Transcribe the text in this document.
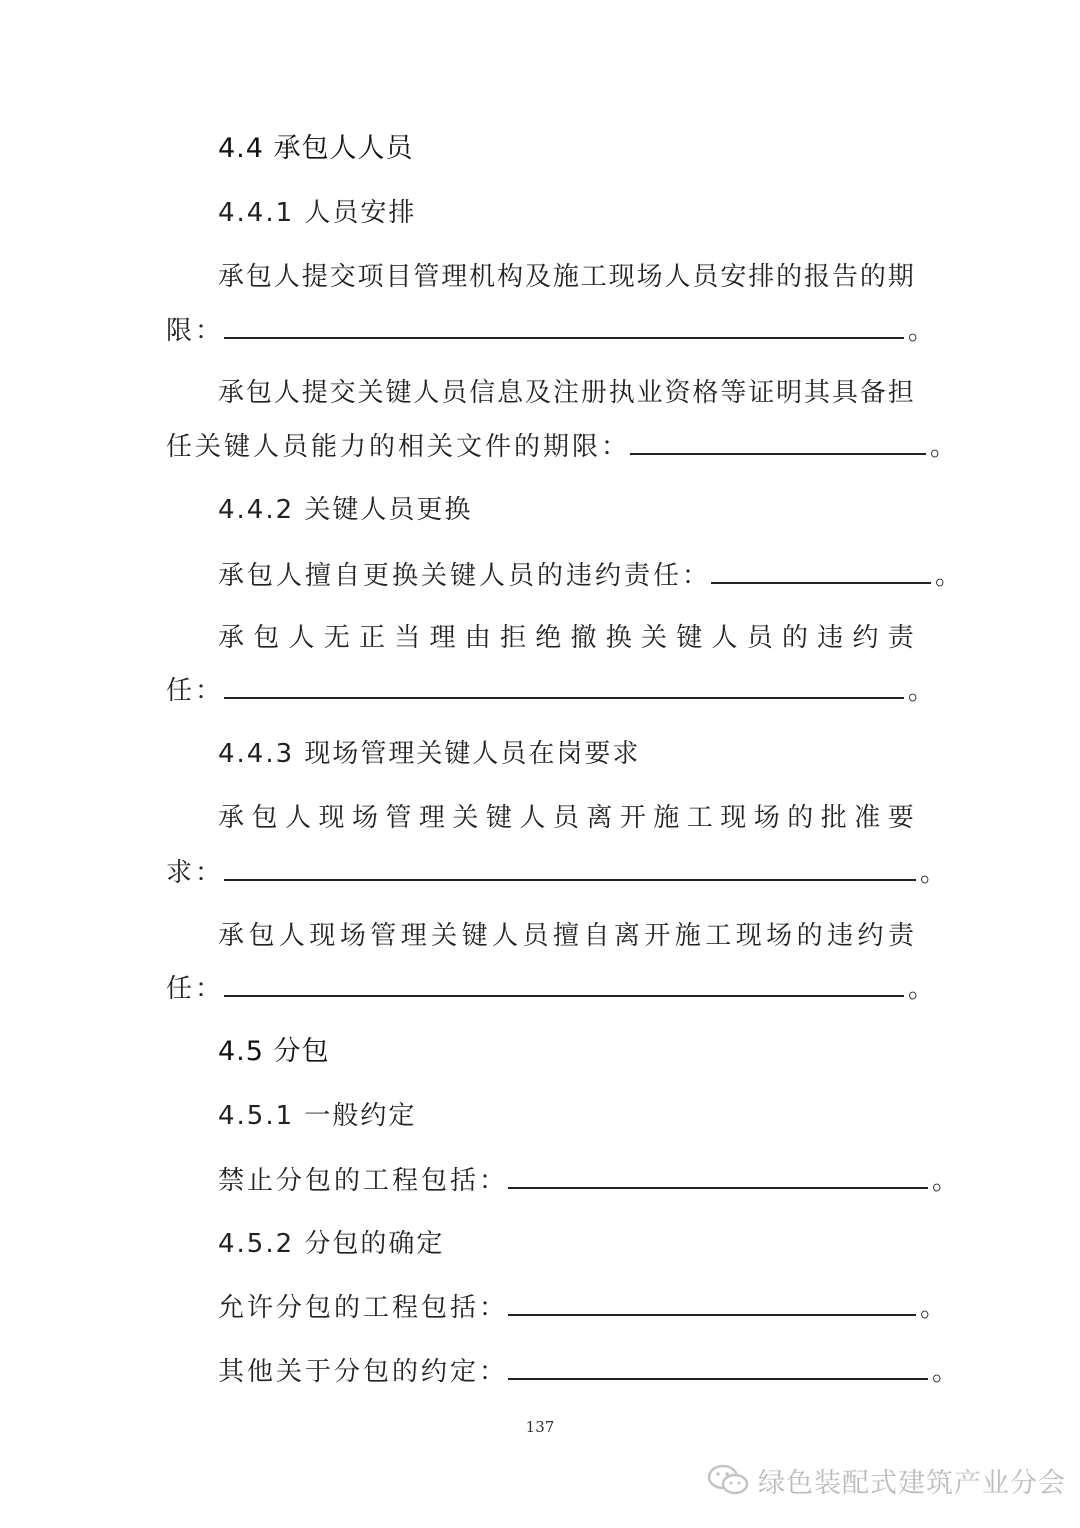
4.4 承包人人员
4.4.1 人员安排
承 包 人 提 交 项 目 管 理 机 构 及 施 工 现 场 人 员 安 排 的 报 告 的 期
限：	。
承 包 人 提 交 关 键 人 员 信 息 及 注 册 执 业 资 格 等 证 明 其 具 备 担
任关键人员能力的相关文件的期限：	。
4.4.2 关键人员更换
承包人擅自更换关键人员的违约责任：	。
承 包 人 无 正 当 理 由 拒 绝 撤 换 关 键 人 员 的 违 约 责
任：	。
4.4.3 现场管理关键人员在岗要求
承 包 人 现 场 管 理 关 键 人 员 离 开 施 工 现 场 的 批 准 要
求：	。
承 包 人 现 场 管 理 关 键 人 员 擅 自 离 开 施 工 现 场 的 违 约 责
任：	。
4.5 分包
4.5.1 一般约定
禁止分包的工程包括：	。
4.5.2 分包的确定
允许分包的工程包括：	。
其他关于分包的约定：	。
137
绿色装配式建筑产业分会
